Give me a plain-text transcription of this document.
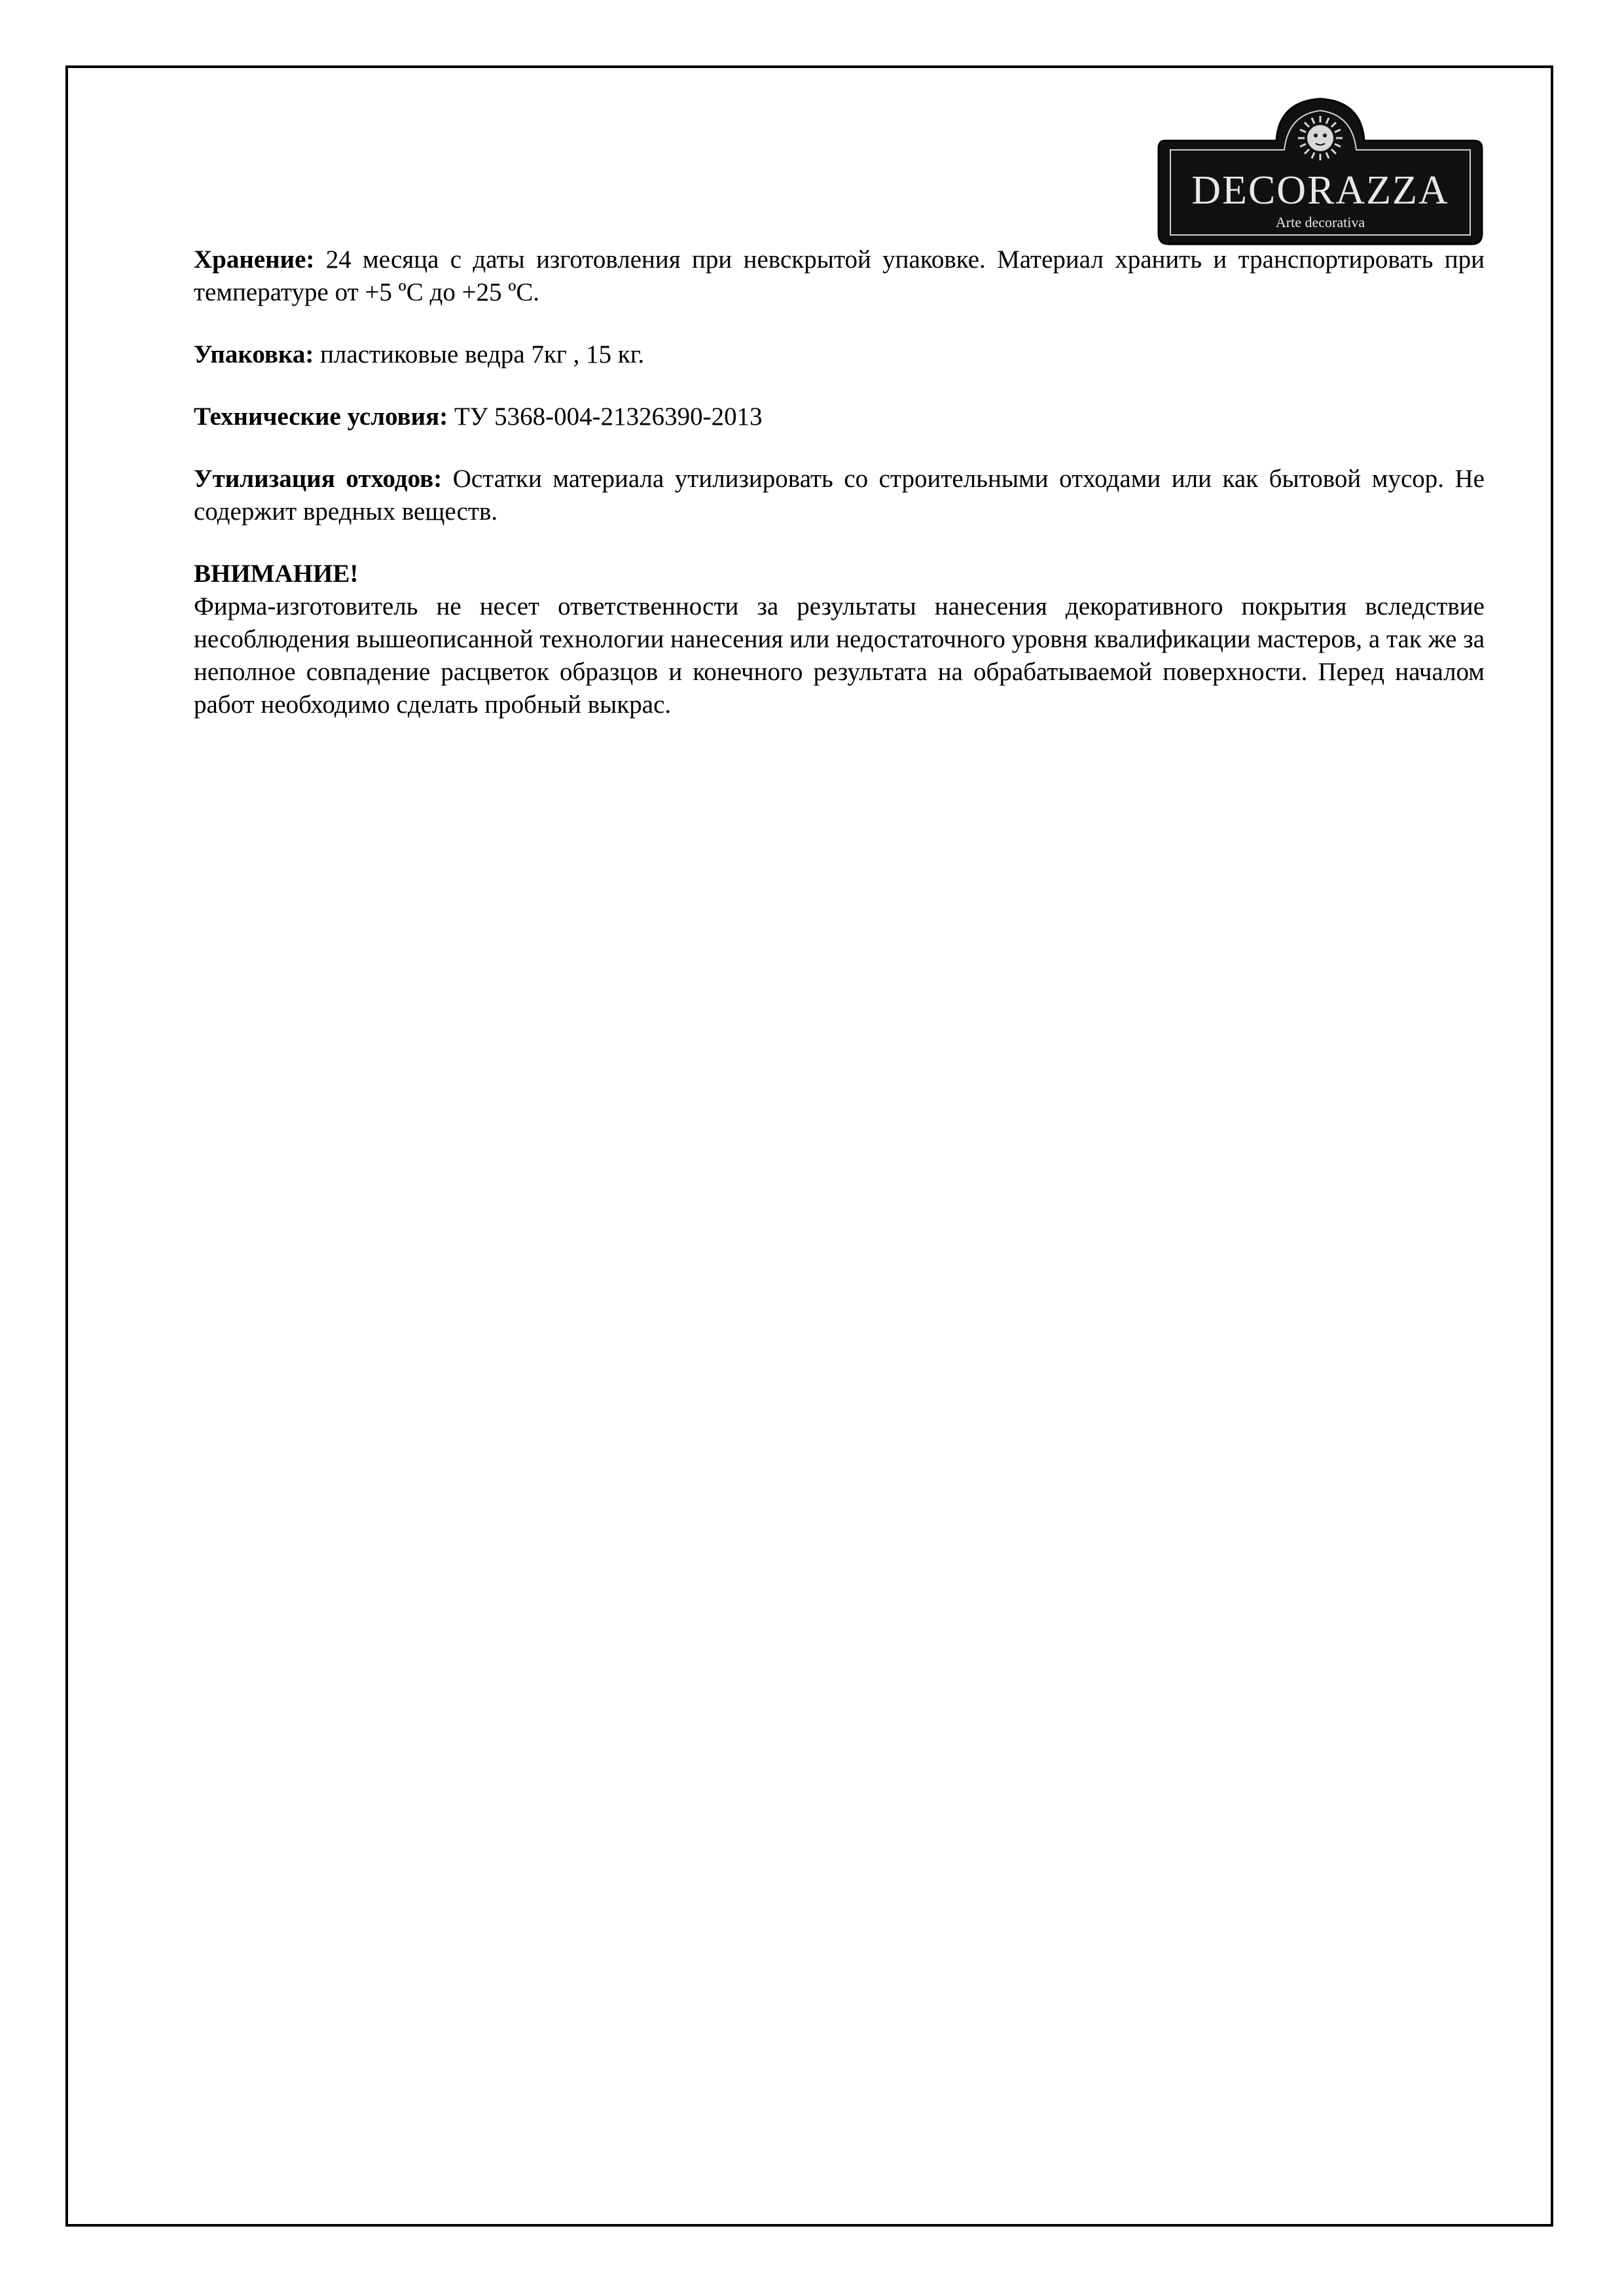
DECORAZZA
Arte decorativa

Хранение: 24 месяца с даты изготовления при невскрытой упаковке. Материал хранить и транспортировать при температуре от +5 ºС до +25 ºС.

Упаковка: пластиковые ведра 7кг , 15 кг.

Технические условия: ТУ 5368-004-21326390-2013

Утилизация отходов: Остатки материала утилизировать со строительными отходами или как бытовой мусор. Не содержит вредных веществ.

ВНИМАНИЕ!

Фирма-изготовитель не несет ответственности за результаты нанесения декоративного покрытия вследствие несоблюдения вышеописанной технологии нанесения или недостаточного уровня квалификации мастеров, а так же за неполное совпадение расцветок образцов и конечного результата на обрабатываемой поверхности. Перед началом работ необходимо сделать пробный выкрас.
